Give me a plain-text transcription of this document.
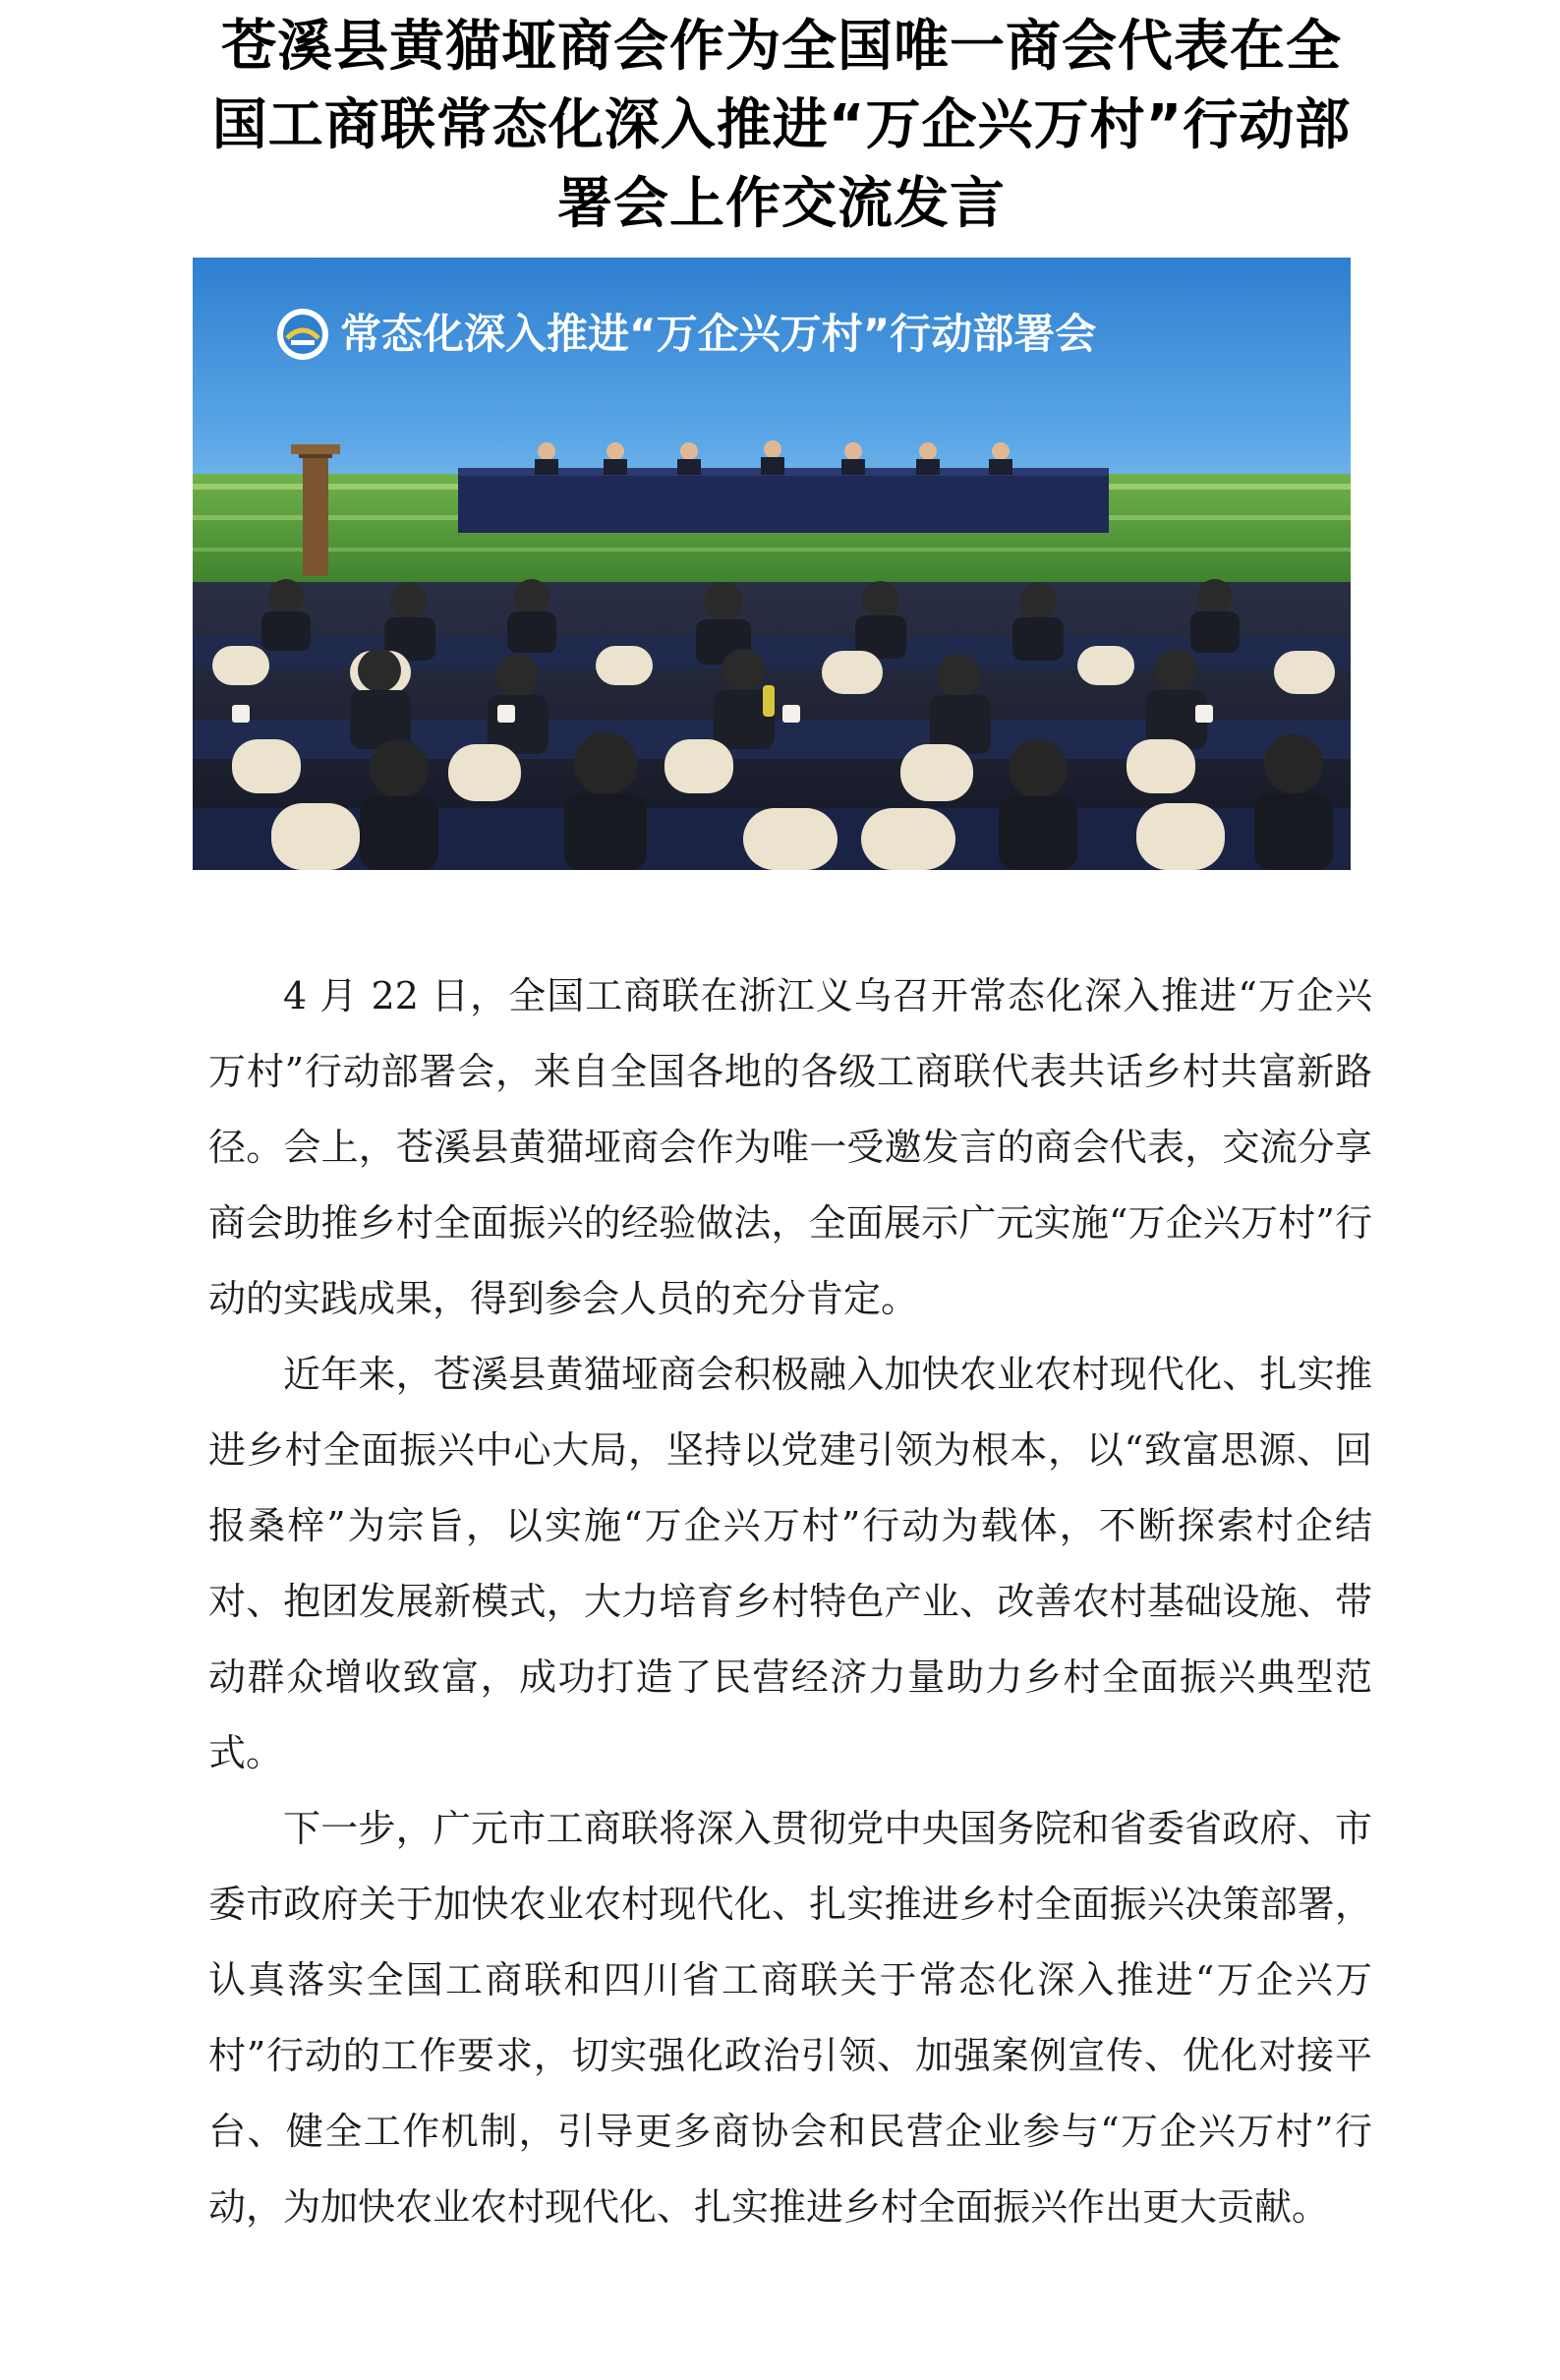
苍溪县黄猫垭商会作为全国唯一商会代表在全国工商联常态化深入推进“万企兴万村”行动部署会上作交流发言
常态化深入推进“万企兴万村”行动部署会

4 月 22 日，全国工商联在浙江义乌召开常态化深入推进“万企兴万村”行动部署会，来自全国各地的各级工商联代表共话乡村共富新路径。会上，苍溪县黄猫垭商会作为唯一受邀发言的商会代表，交流分享商会助推乡村全面振兴的经验做法，全面展示广元实施“万企兴万村”行动的实践成果，得到参会人员的充分肯定。

近年来，苍溪县黄猫垭商会积极融入加快农业农村现代化、扎实推进乡村全面振兴中心大局，坚持以党建引领为根本，以“致富思源、回报桑梓”为宗旨，以实施“万企兴万村”行动为载体，不断探索村企结对、抱团发展新模式，大力培育乡村特色产业、改善农村基础设施、带动群众增收致富，成功打造了民营经济力量助力乡村全面振兴典型范式。

下一步，广元市工商联将深入贯彻党中央国务院和省委省政府、市委市政府关于加快农业农村现代化、扎实推进乡村全面振兴决策部署，认真落实全国工商联和四川省工商联关于常态化深入推进“万企兴万村”行动的工作要求，切实强化政治引领、加强案例宣传、优化对接平台、健全工作机制，引导更多商协会和民营企业参与“万企兴万村”行动，为加快农业农村现代化、扎实推进乡村全面振兴作出更大贡献。
